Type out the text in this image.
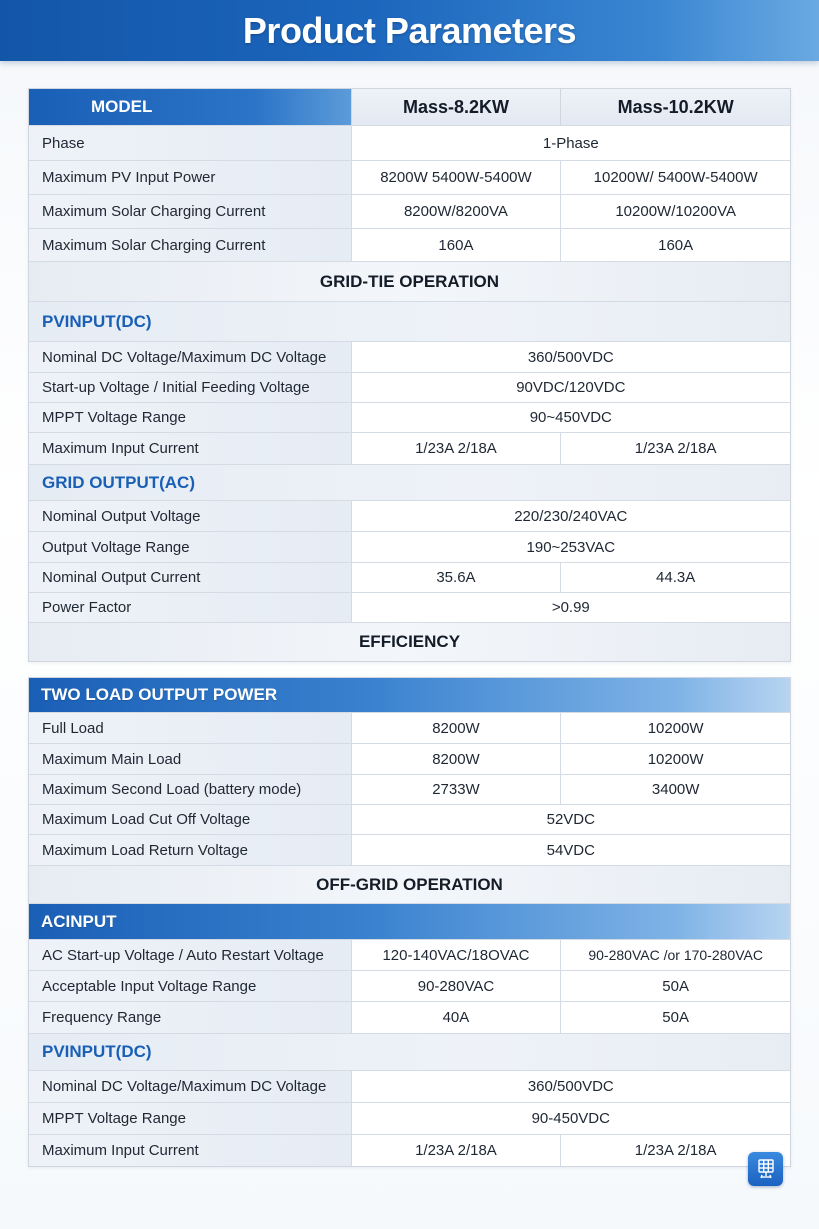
Product Parameters
MODEL	Mass-8.2KW	Mass-10.2KW
Phase	1-Phase
Maximum PV Input Power	8200W 5400W-5400W	10200W/ 5400W-5400W
Maximum Solar Charging Current	8200W/8200VA	10200W/10200VA
Maximum Solar Charging Current	160A	160A
GRID-TIE OPERATION
PVINPUT(DC)
Nominal DC Voltage/Maximum DC Voltage	360/500VDC
Start-up Voltage / Initial Feeding Voltage	90VDC/120VDC
MPPT Voltage Range	90~450VDC
Maximum Input Current	1/23A 2/18A	1/23A 2/18A
GRID OUTPUT(AC)
Nominal Output Voltage	220/230/240VAC
Output Voltage Range	190~253VAC
Nominal Output Current	35.6A	44.3A
Power Factor	>0.99
EFFICIENCY
TWO LOAD OUTPUT POWER
Full Load	8200W	10200W
Maximum Main Load	8200W	10200W
Maximum Second Load (battery mode)	2733W	3400W
Maximum Load Cut Off Voltage	52VDC
Maximum Load Return Voltage	54VDC
OFF-GRID OPERATION
ACINPUT
AC Start-up Voltage / Auto Restart Voltage	120-140VAC/18OVAC	90-280VAC /or 170-280VAC
Acceptable Input Voltage Range	90-280VAC	50A
Frequency Range	40A	50A
PVINPUT(DC)
Nominal DC Voltage/Maximum DC Voltage	360/500VDC
MPPT Voltage Range	90-450VDC
Maximum Input Current	1/23A 2/18A	1/23A 2/18A
